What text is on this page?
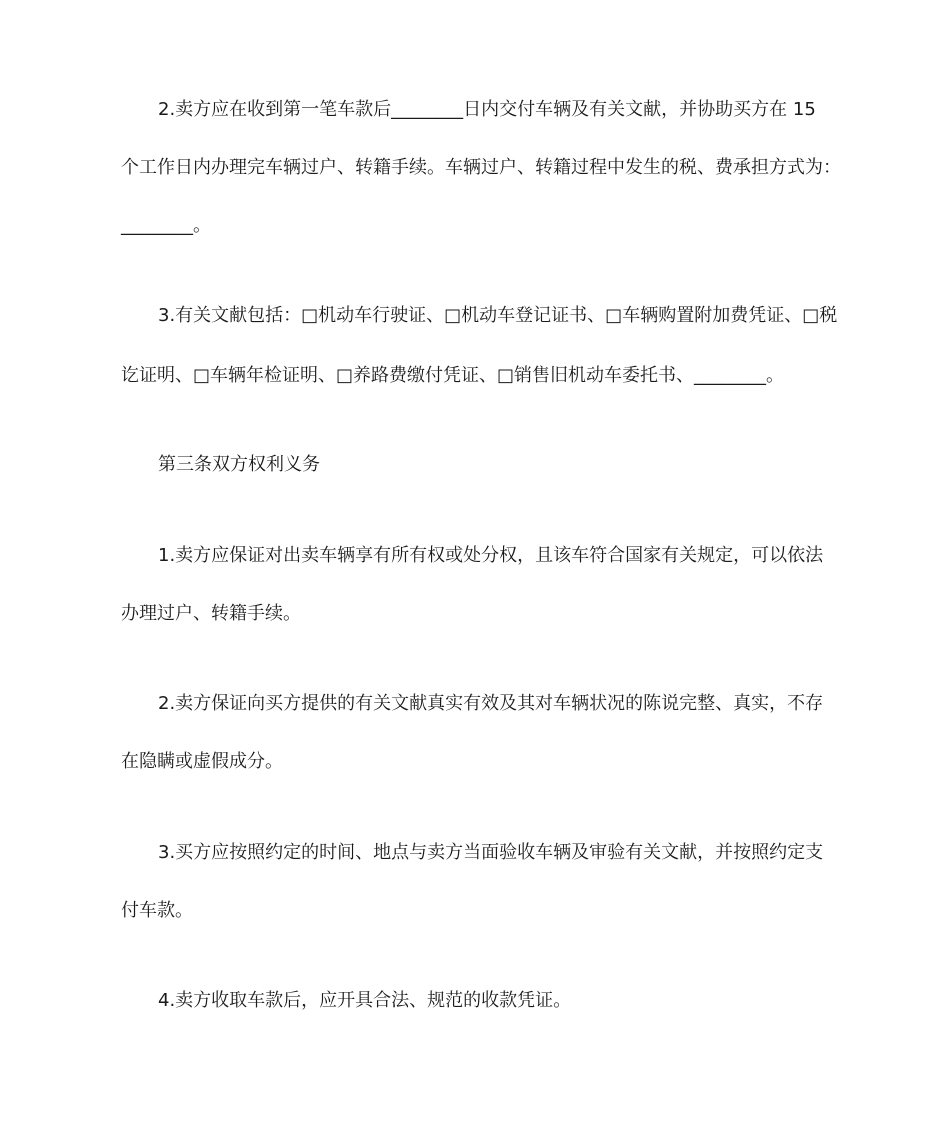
2.卖方应在收到第一笔车款后________日内交付车辆及有关文献，并协助买方在 15
个工作日内办理完车辆过户、转籍手续。车辆过户、转籍过程中发生的税、费承担方式为：
________。
3.有关文献包括：□机动车行驶证、□机动车登记证书、□车辆购置附加费凭证、□税
讫证明、□车辆年检证明、□养路费缴付凭证、□销售旧机动车委托书、________。
第三条双方权利义务
1.卖方应保证对出卖车辆享有所有权或处分权，且该车符合国家有关规定，可以依法
办理过户、转籍手续。
2.卖方保证向买方提供的有关文献真实有效及其对车辆状况的陈说完整、真实，不存
在隐瞒或虚假成分。
3.买方应按照约定的时间、地点与卖方当面验收车辆及审验有关文献，并按照约定支
付车款。
4.卖方收取车款后，应开具合法、规范的收款凭证。
